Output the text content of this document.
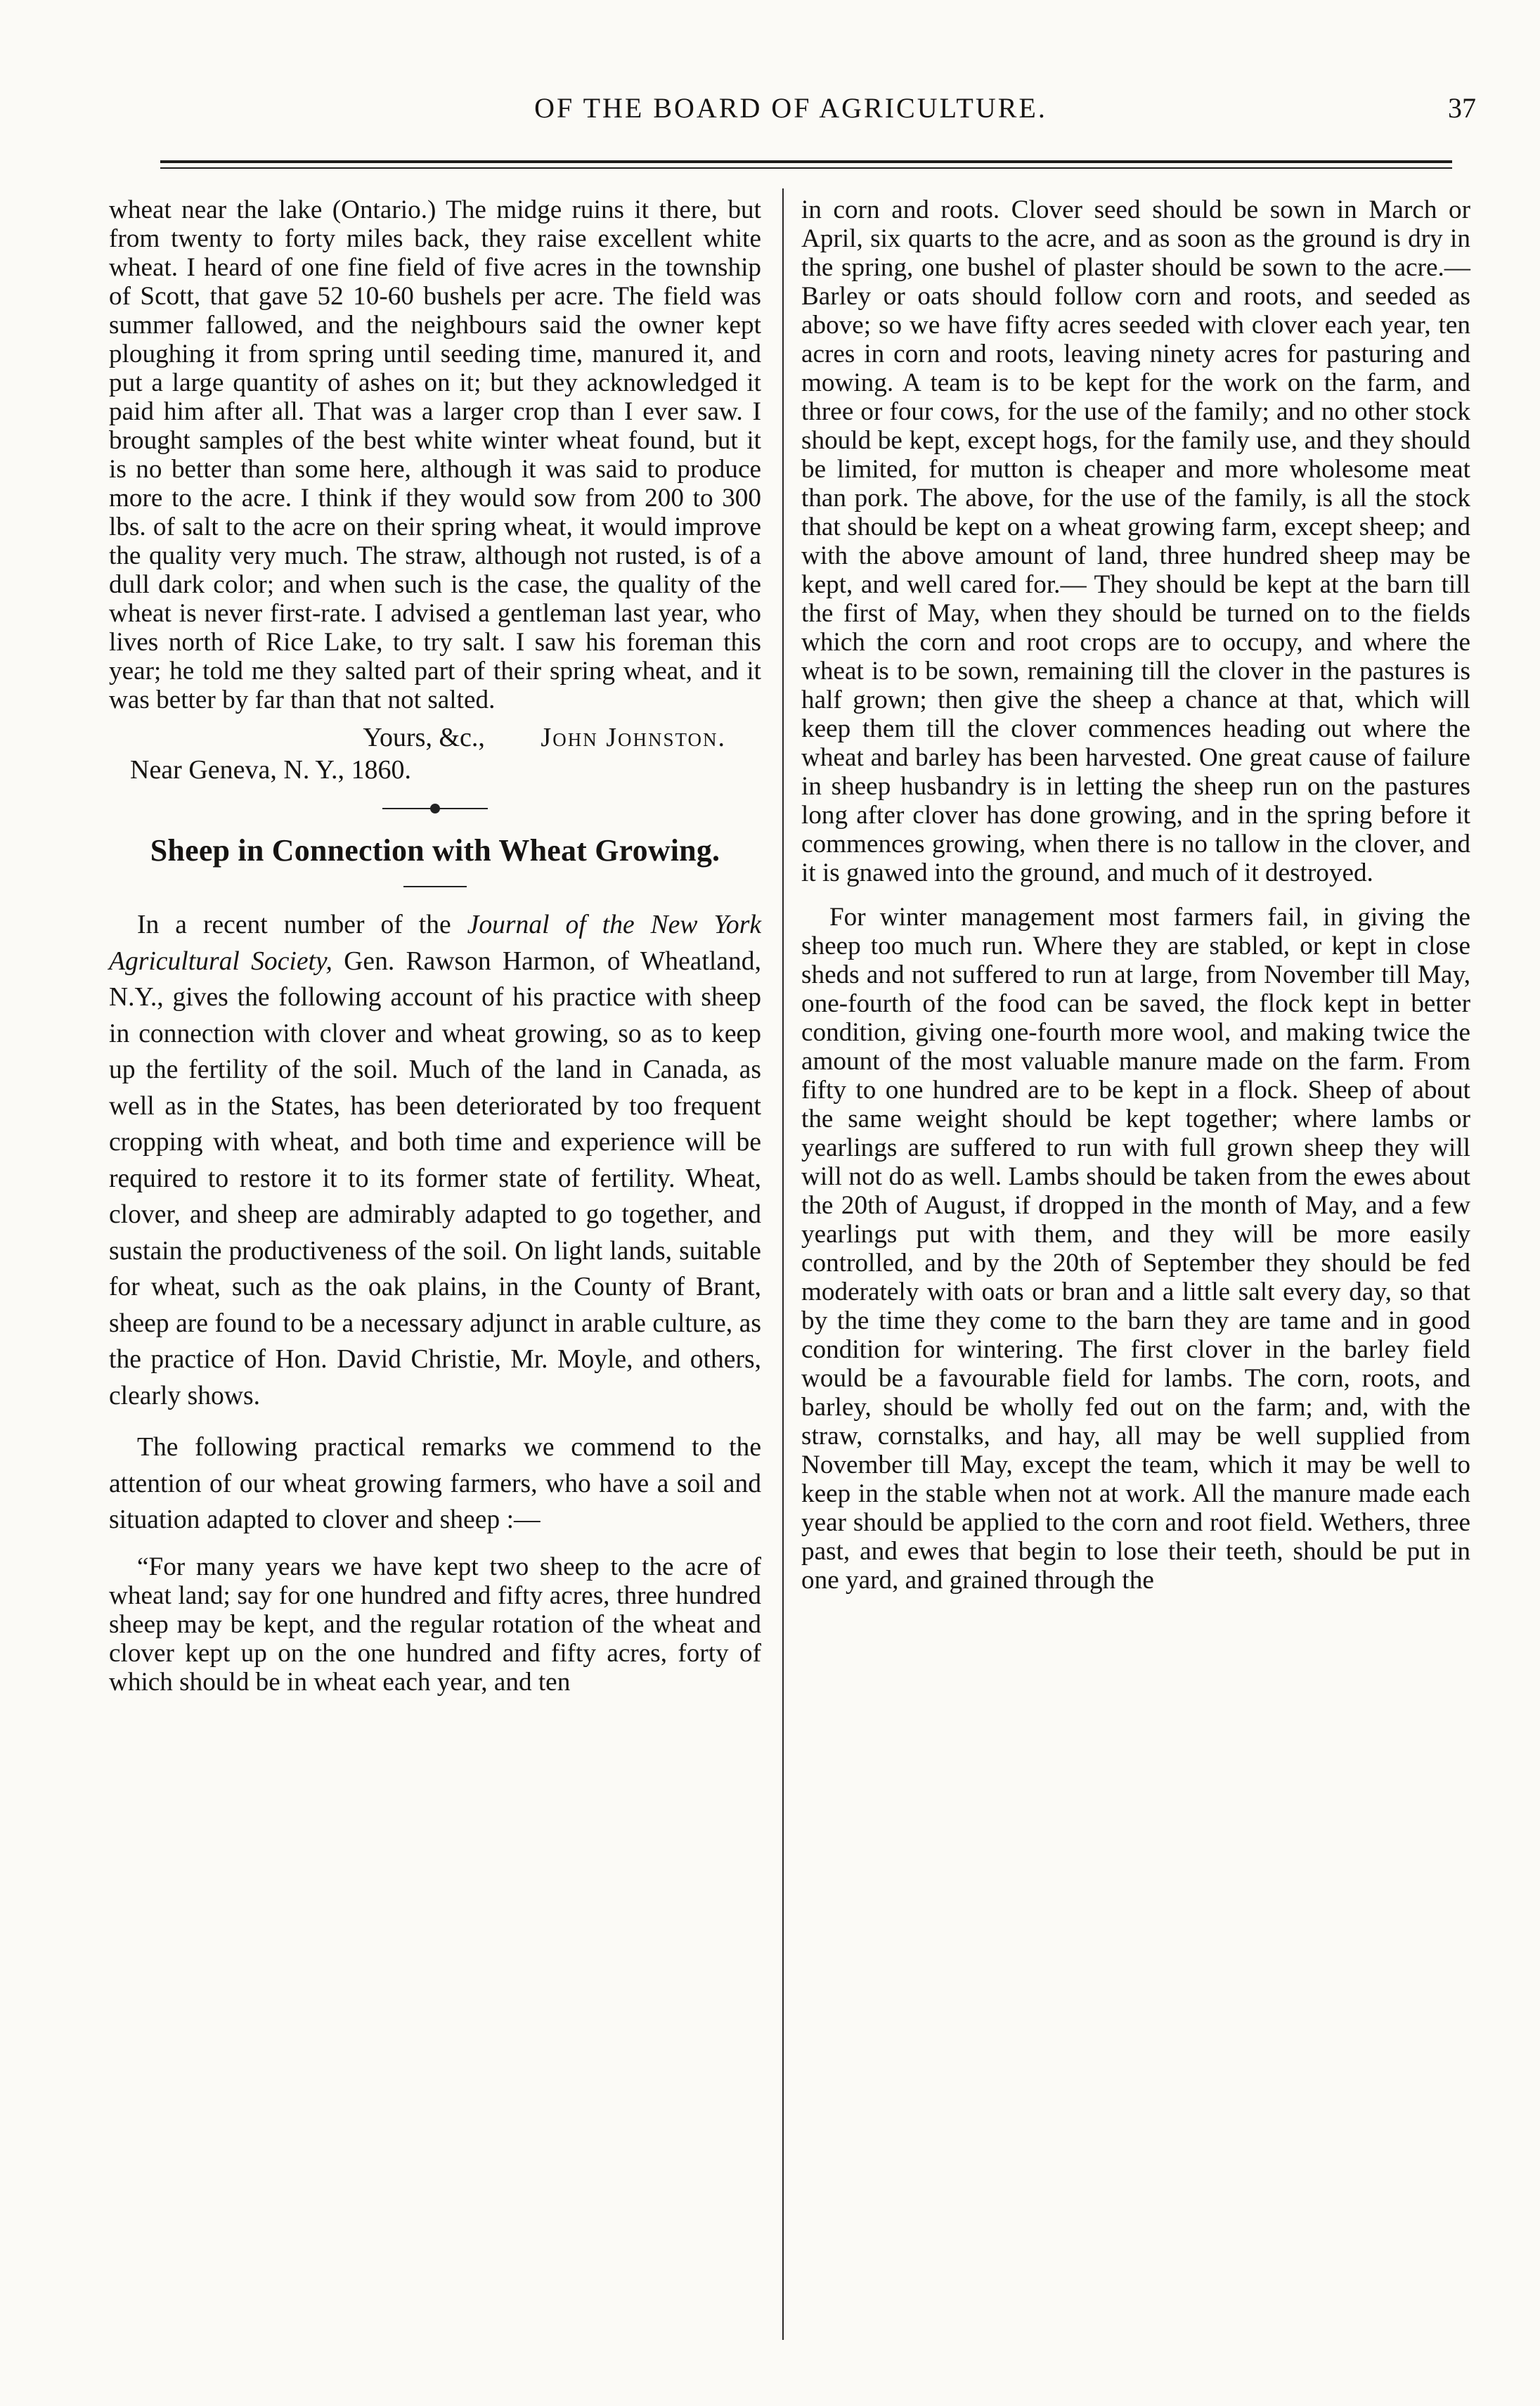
OF THE BOARD OF AGRICULTURE.	37

wheat near the lake (Ontario.) The midge ruins it there, but from twenty to forty miles back, they raise excellent white wheat. I heard of one fine field of five acres in the township of Scott, that gave 52 10-60 bushels per acre. The field was summer fallowed, and the neighbours said the owner kept ploughing it from spring until seeding time, manured it, and put a large quantity of ashes on it; but they acknowledged it paid him after all. That was a larger crop than I ever saw. I brought samples of the best white winter wheat found, but it is no better than some here, although it was said to produce more to the acre. I think if they would sow from 200 to 300 lbs. of salt to the acre on their spring wheat, it would improve the quality very much. The straw, although not rusted, is of a dull dark color; and when such is the case, the quality of the wheat is never first-rate. I advised a gentleman last year, who lives north of Rice Lake, to try salt. I saw his foreman this year; he told me they salted part of their spring wheat, and it was better by far than that not salted.

Yours, &c., John Johnston.
Near Geneva, N. Y., 1860.
Sheep in Connection with Wheat Growing.

In a recent number of the Journal of the New York Agricultural Society, Gen. Rawson Harmon, of Wheatland, N.Y., gives the following account of his practice with sheep in connection with clover and wheat growing, so as to keep up the fertility of the soil. Much of the land in Canada, as well as in the States, has been deteriorated by too frequent cropping with wheat, and both time and experience will be required to restore it to its former state of fertility. Wheat, clover, and sheep are admirably adapted to go together, and sustain the productiveness of the soil. On light lands, suitable for wheat, such as the oak plains, in the County of Brant, sheep are found to be a necessary adjunct in arable culture, as the practice of Hon. David Christie, Mr. Moyle, and others, clearly shows.

The following practical remarks we commend to the attention of our wheat growing farmers, who have a soil and situation adapted to clover and sheep :—

“For many years we have kept two sheep to the acre of wheat land; say for one hundred and fifty acres, three hundred sheep may be kept, and the regular rotation of the wheat and clover kept up on the one hundred and fifty acres, forty of which should be in wheat each year, and ten

in corn and roots. Clover seed should be sown in March or April, six quarts to the acre, and as soon as the ground is dry in the spring, one bushel of plaster should be sown to the acre.— Barley or oats should follow corn and roots, and seeded as above; so we have fifty acres seeded with clover each year, ten acres in corn and roots, leaving ninety acres for pasturing and mowing. A team is to be kept for the work on the farm, and three or four cows, for the use of the family; and no other stock should be kept, except hogs, for the family use, and they should be limited, for mutton is cheaper and more wholesome meat than pork. The above, for the use of the family, is all the stock that should be kept on a wheat growing farm, except sheep; and with the above amount of land, three hundred sheep may be kept, and well cared for.— They should be kept at the barn till the first of May, when they should be turned on to the fields which the corn and root crops are to occupy, and where the wheat is to be sown, remaining till the clover in the pastures is half grown; then give the sheep a chance at that, which will keep them till the clover commences heading out where the wheat and barley has been harvested. One great cause of failure in sheep husbandry is in letting the sheep run on the pastures long after clover has done growing, and in the spring before it commences growing, when there is no tallow in the clover, and it is gnawed into the ground, and much of it destroyed.

For winter management most farmers fail, in giving the sheep too much run. Where they are stabled, or kept in close sheds and not suffered to run at large, from November till May, one-fourth of the food can be saved, the flock kept in better condition, giving one-fourth more wool, and making twice the amount of the most valuable manure made on the farm. From fifty to one hundred are to be kept in a flock. Sheep of about the same weight should be kept together; where lambs or yearlings are suffered to run with full grown sheep they will will not do as well. Lambs should be taken from the ewes about the 20th of August, if dropped in the month of May, and a few yearlings put with them, and they will be more easily controlled, and by the 20th of September they should be fed moderately with oats or bran and a little salt every day, so that by the time they come to the barn they are tame and in good condition for wintering. The first clover in the barley field would be a favourable field for lambs. The corn, roots, and barley, should be wholly fed out on the farm; and, with the straw, cornstalks, and hay, all may be well supplied from November till May, except the team, which it may be well to keep in the stable when not at work. All the manure made each year should be applied to the corn and root field. Wethers, three past, and ewes that begin to lose their teeth, should be put in one yard, and grained through the
